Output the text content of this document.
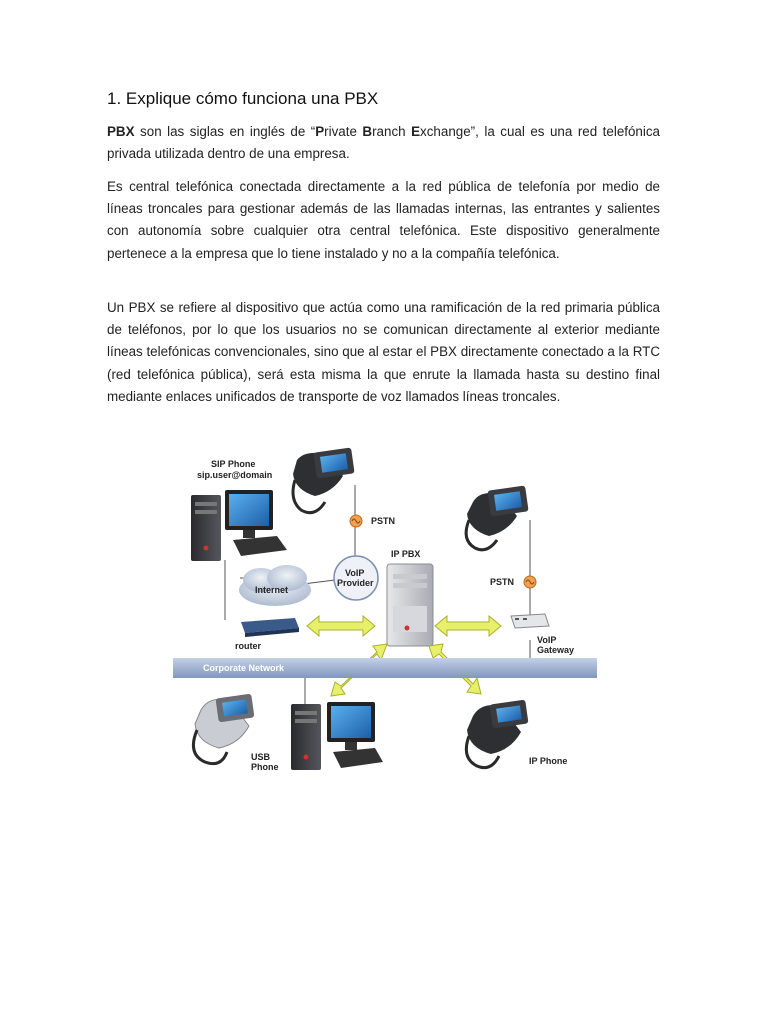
1. Explique cómo funciona una PBX

PBX son las siglas en inglés de “Private Branch Exchange”, la cual es una red telefónica privada utilizada dentro de una empresa.

Es central telefónica conectada directamente a la red pública de telefonía por medio de líneas troncales para gestionar además de las llamadas internas, las entrantes y salientes con autonomía sobre cualquier otra central telefónica. Este dispositivo generalmente pertenece a la empresa que lo tiene instalado y no a la compañía telefónica.

Un PBX se refiere al dispositivo que actúa como una ramificación de la red primaria pública de teléfonos, por lo que los usuarios no se comunican directamente al exterior mediante líneas telefónicas convencionales, sino que al estar el PBX directamente conectado a la RTC (red telefónica pública), será esta misma la que enrute la llamada hasta su destino final mediante enlaces unificados de transporte de voz llamados líneas troncales.

SIP Phone
sip.user@domain
PSTN
PSTN
IP PBX
Internet
VoIP
Provider
router
VoIP
Gateway
Corporate Network
USB
Phone
IP Phone
